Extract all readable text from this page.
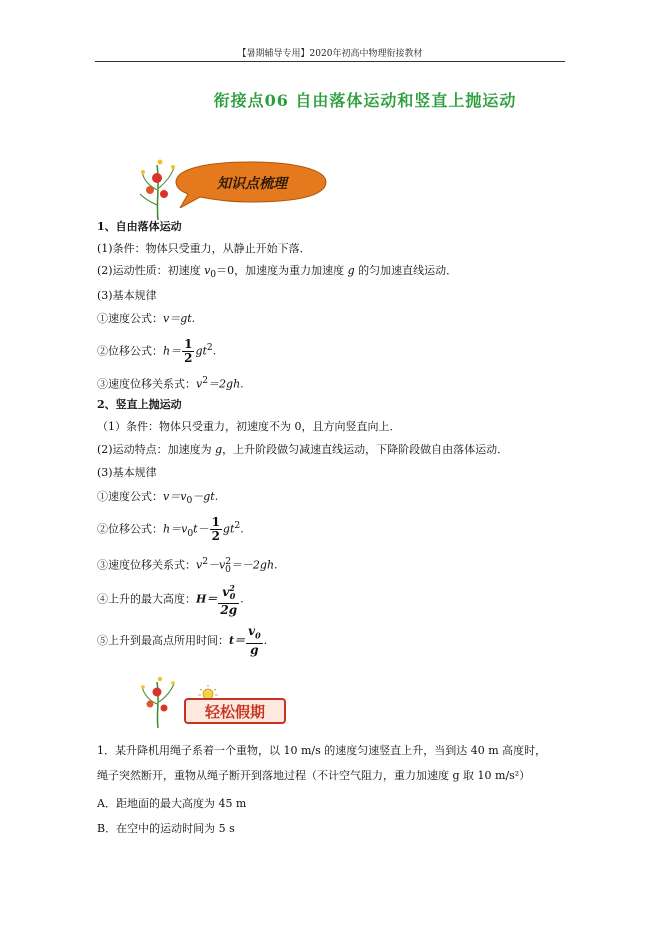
【暑期辅导专用】2020年初高中物理衔接教材
衔接点06 自由落体运动和竖直上抛运动
知识点梳理
1、自由落体运动
(1)条件：物体只受重力，从静止开始下落．
(2)运动性质：初速度 $v_0=0$，加速度为重力加速度 g 的匀加速直线运动．
(3)基本规律
①速度公式：v＝gt.
②位移公式：$h= \frac{1}{2} gt^2$.
③速度位移关系式：$v^2=2gh$.
2、竖直上抛运动
（1）条件：物体只受重力，初速度不为 0，且方向竖直向上．
(2)运动特点：加速度为 g，上升阶段做匀减速直线运动，下降阶段做自由落体运动．
(3)基本规律
①速度公式：$v=v_0-gt$.
②位移公式：$h=v_0t- \frac{1}{2} gt^2$.
③速度位移关系式：$v^2-v^2_0=-2gh$.
④上升的最大高度：$H= \frac{v^2_0}{2g}$ .
⑤上升到最高点所用时间：$t= \frac{v_0}{g}$ .
轻松假期
1．某升降机用绳子系着一个重物，以 10 m/s 的速度匀速竖直上升，当到达 40 m 高度时，
绳子突然断开，重物从绳子断开到落地过程（不计空气阻力，重力加速度 g 取 10 m/s²）
A．距地面的最大高度为 45 m
B．在空中的运动时间为 5 s
